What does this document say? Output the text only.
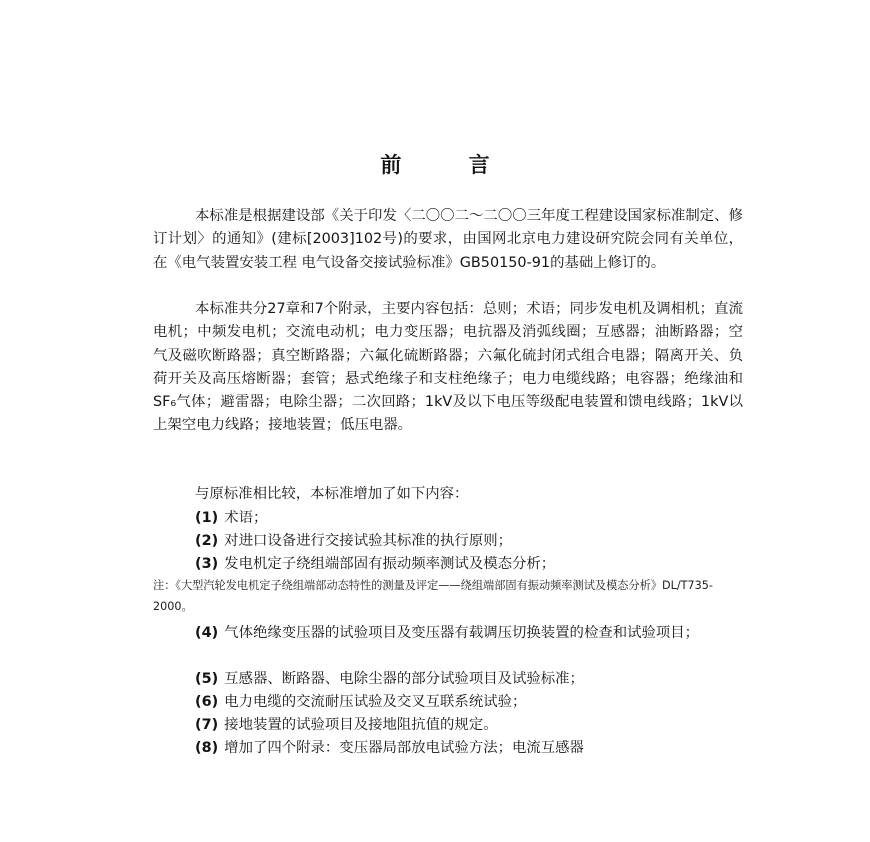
前 言
本标准是根据建设部《关于印发〈二〇〇二～二〇〇三年度工程建设国家标准制定、修订计划〉的通知》(建标[2003]102号)的要求，由国网北京电力建设研究院会同有关单位，在《电气装置安装工程 电气设备交接试验标准》GB50150-91的基础上修订的。
本标准共分27章和7个附录，主要内容包括：总则；术语；同步发电机及调相机；直流电机；中频发电机；交流电动机；电力变压器；电抗器及消弧线圈；互感器；油断路器；空气及磁吹断路器；真空断路器；六氟化硫断路器；六氟化硫封闭式组合电器；隔离开关、负荷开关及高压熔断器；套管；悬式绝缘子和支柱绝缘子；电力电缆线路；电容器；绝缘油和SF₆气体；避雷器；电除尘器；二次回路；1kV及以下电压等级配电装置和馈电线路；1kV以上架空电力线路；接地装置；低压电器。
与原标准相比较，本标准增加了如下内容：
(1) 术语；
(2) 对进口设备进行交接试验其标准的执行原则；
(3) 发电机定子绕组端部固有振动频率测试及模态分析；
注：《大型汽轮发电机定子绕组端部动态特性的测量及评定——绕组端部固有振动频率测试及模态分析》DL/T735-2000。
(4) 气体绝缘变压器的试验项目及变压器有载调压切换装置的检查和试验项目；
(5) 互感器、断路器、电除尘器的部分试验项目及试验标准；
(6) 电力电缆的交流耐压试验及交叉互联系统试验；
(7) 接地装置的试验项目及接地阻抗值的规定。
(8) 增加了四个附录：变压器局部放电试验方法；电流互感器
